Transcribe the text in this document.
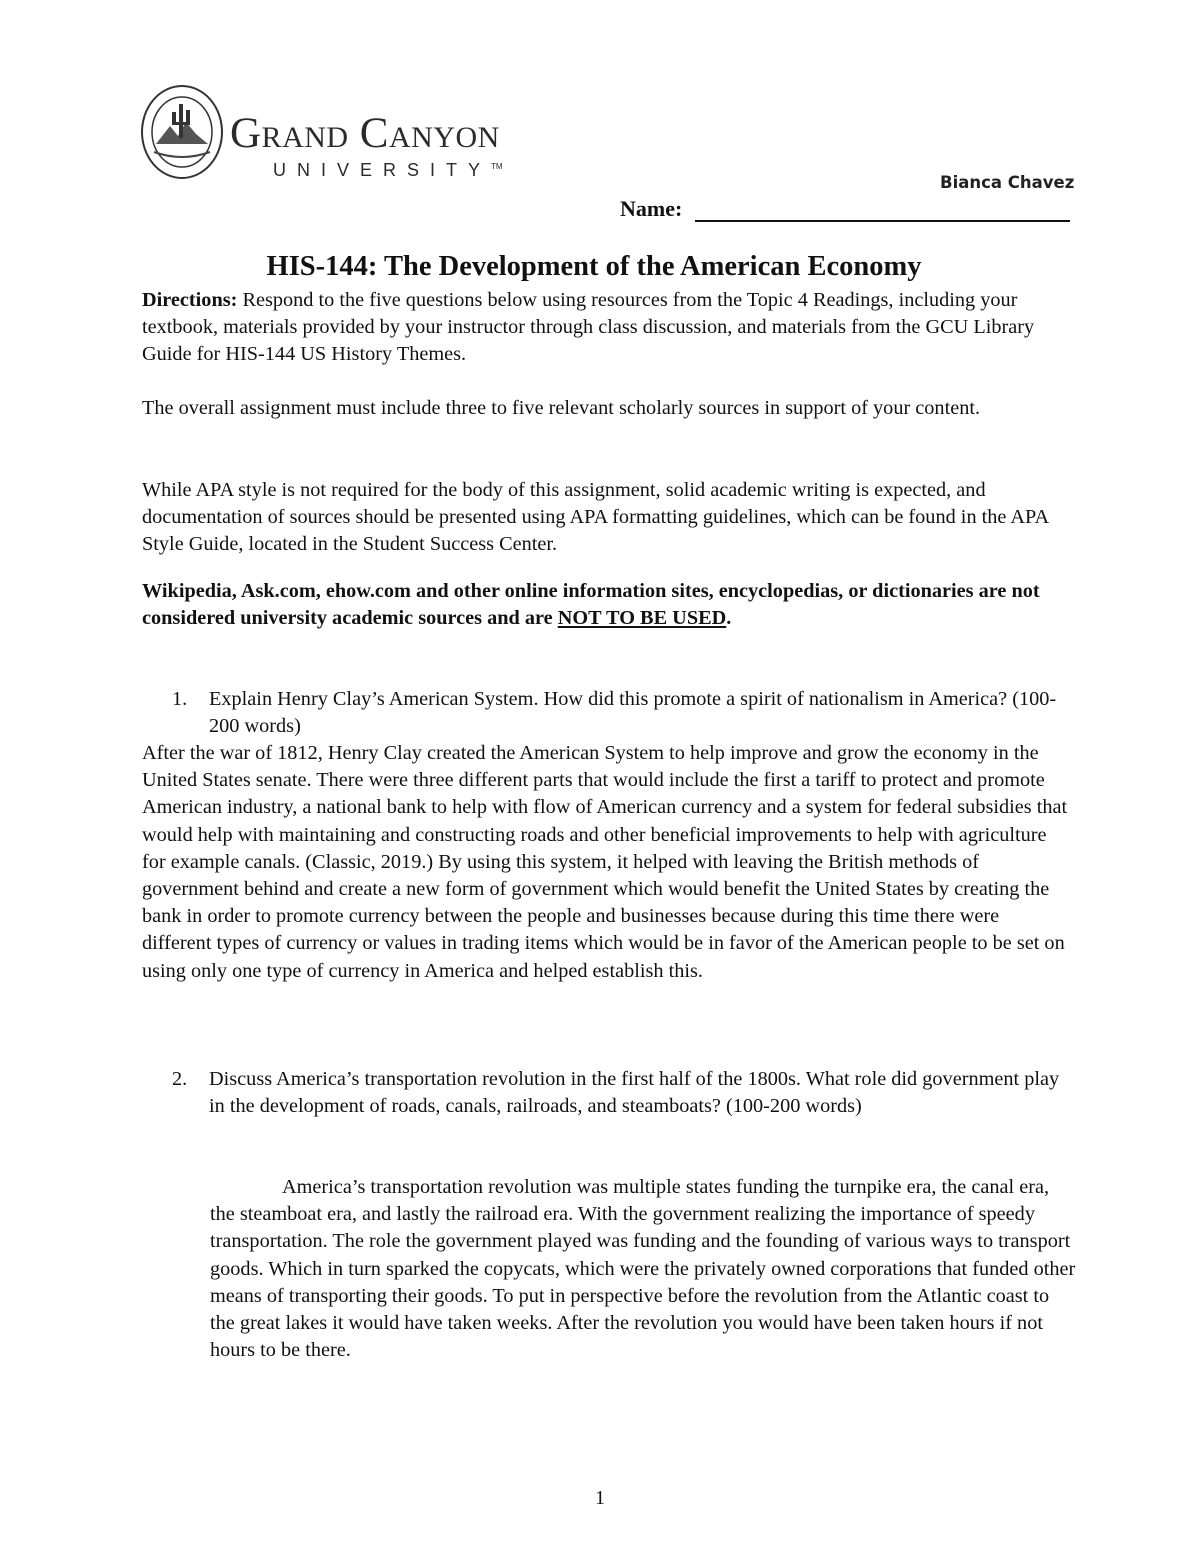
Grand Canyon
UNIVERSITY™
Bianca Chavez
Name:
HIS-144: The Development of the American Economy

Directions: Respond to the five questions below using resources from the Topic 4 Readings, including your textbook, materials provided by your instructor through class discussion, and materials from the GCU Library Guide for HIS-144 US History Themes.

The overall assignment must include three to five relevant scholarly sources in support of your content.

While APA style is not required for the body of this assignment, solid academic writing is expected, and documentation of sources should be presented using APA formatting guidelines, which can be found in the APA Style Guide, located in the Student Success Center.

Wikipedia, Ask.com, ehow.com and other online information sites, encyclopedias, or dictionaries are not considered university academic sources and are NOT TO BE USED.

1. Explain Henry Clay’s American System. How did this promote a spirit of nationalism in America? (100-200 words)
After the war of 1812, Henry Clay created the American System to help improve and grow the economy in the United States senate. There were three different parts that would include the first a tariff to protect and promote American industry, a national bank to help with flow of American currency and a system for federal subsidies that would help with maintaining and constructing roads and other beneficial improvements to help with agriculture for example canals. (Classic, 2019.) By using this system, it helped with leaving the British methods of government behind and create a new form of government which would benefit the United States by creating the bank in order to promote currency between the people and businesses because during this time there were different types of currency or values in trading items which would be in favor of the American people to be set on using only one type of currency in America and helped establish this.
2. Discuss America’s transportation revolution in the first half of the 1800s. What role did government play in the development of roads, canals, railroads, and steamboats? (100-200 words)
America’s transportation revolution was multiple states funding the turnpike era, the canal era, the steamboat era, and lastly the railroad era. With the government realizing the importance of speedy transportation. The role the government played was funding and the founding of various ways to transport goods. Which in turn sparked the copycats, which were the privately owned corporations that funded other means of transporting their goods. To put in perspective before the revolution from the Atlantic coast to the great lakes it would have taken weeks. After the revolution you would have been taken hours if not hours to be there.
1
